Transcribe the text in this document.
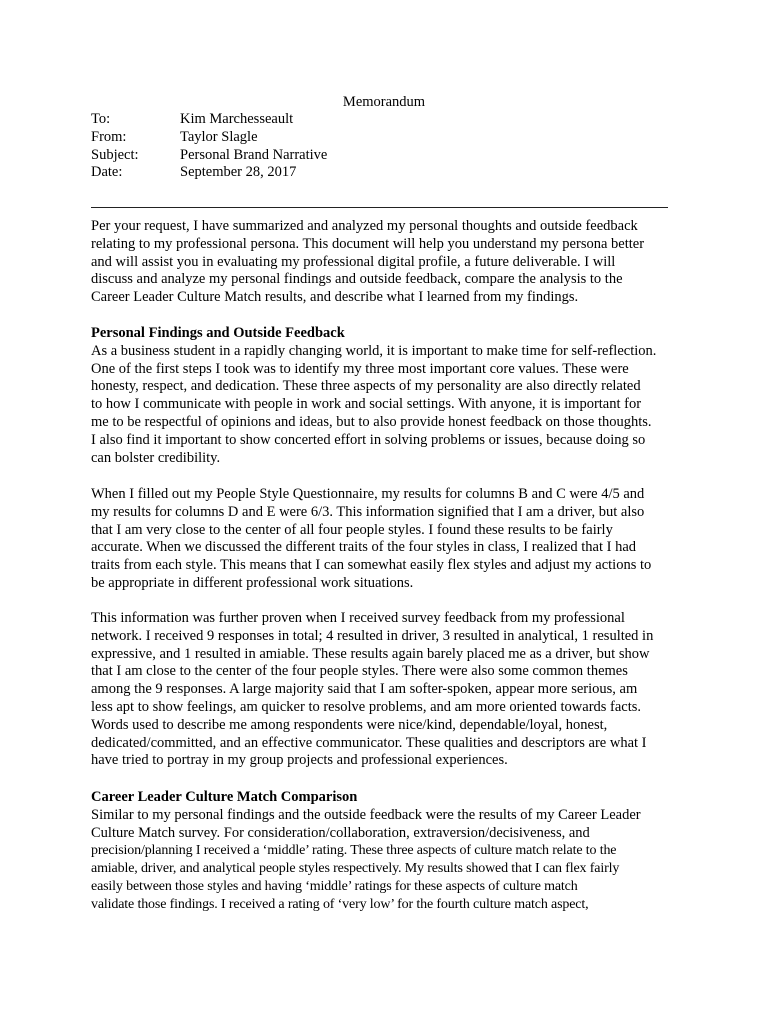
Memorandum
To:	Kim Marchesseault
From:	Taylor Slagle
Subject:	Personal Brand Narrative
Date:	September 28, 2017
Per your request, I have summarized and analyzed my personal thoughts and outside feedback
relating to my professional persona. This document will help you understand my persona better
and will assist you in evaluating my professional digital profile, a future deliverable. I will
discuss and analyze my personal findings and outside feedback, compare the analysis to the
Career Leader Culture Match results, and describe what I learned from my findings.
Personal Findings and Outside Feedback
As a business student in a rapidly changing world, it is important to make time for self-reflection.
One of the first steps I took was to identify my three most important core values. These were
honesty, respect, and dedication. These three aspects of my personality are also directly related
to how I communicate with people in work and social settings. With anyone, it is important for
me to be respectful of opinions and ideas, but to also provide honest feedback on those thoughts.
I also find it important to show concerted effort in solving problems or issues, because doing so
can bolster credibility.
When I filled out my People Style Questionnaire, my results for columns B and C were 4/5 and
my results for columns D and E were 6/3. This information signified that I am a driver, but also
that I am very close to the center of all four people styles. I found these results to be fairly
accurate. When we discussed the different traits of the four styles in class, I realized that I had
traits from each style. This means that I can somewhat easily flex styles and adjust my actions to
be appropriate in different professional work situations.
This information was further proven when I received survey feedback from my professional
network. I received 9 responses in total; 4 resulted in driver, 3 resulted in analytical, 1 resulted in
expressive, and 1 resulted in amiable. These results again barely placed me as a driver, but show
that I am close to the center of the four people styles. There were also some common themes
among the 9 responses. A large majority said that I am softer-spoken, appear more serious, am
less apt to show feelings, am quicker to resolve problems, and am more oriented towards facts.
Words used to describe me among respondents were nice/kind, dependable/loyal, honest,
dedicated/committed, and an effective communicator. These qualities and descriptors are what I
have tried to portray in my group projects and professional experiences.
Career Leader Culture Match Comparison
Similar to my personal findings and the outside feedback were the results of my Career Leader
Culture Match survey. For consideration/collaboration, extraversion/decisiveness, and
precision/planning I received a ‘middle’ rating. These three aspects of culture match relate to the
amiable, driver, and analytical people styles respectively. My results showed that I can flex fairly
easily between those styles and having ‘middle’ ratings for these aspects of culture match
validate those findings. I received a rating of ‘very low’ for the fourth culture match aspect,
